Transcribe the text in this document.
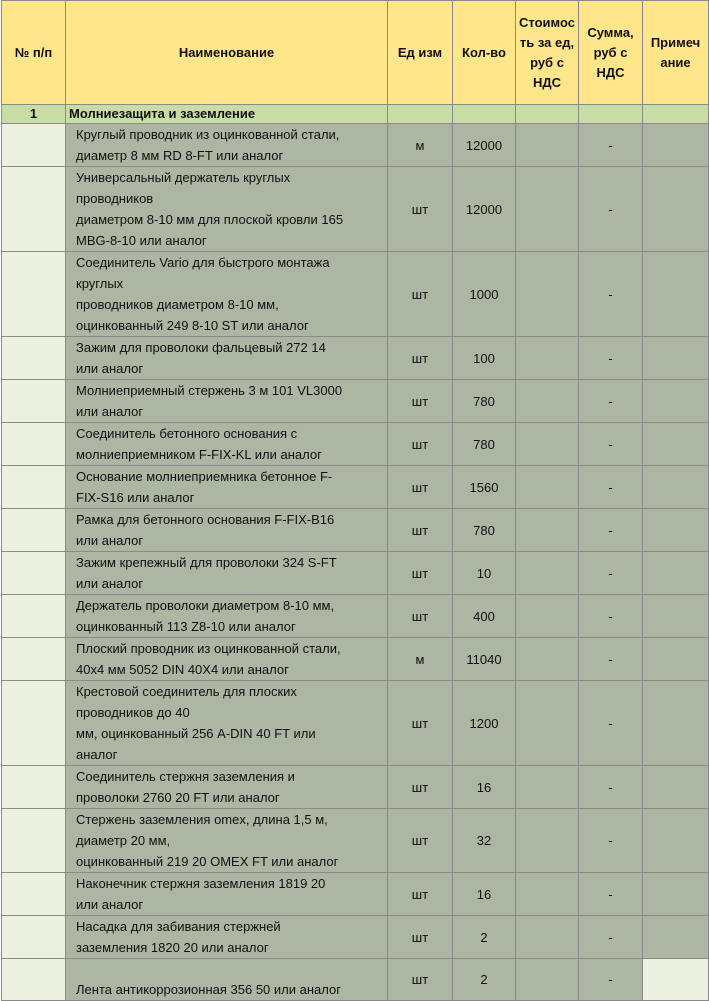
№ п/п	Наименование	Ед изм	Кол-во	Стоимос ть за ед, руб с НДС	Сумма, руб с НДС	Примеч ание
1	Молниезащита и заземление					
	Круглый проводник из оцинкованной стали,
диаметр 8 мм RD 8-FT или аналог	м	12000		-	
	Универсальный держатель круглых
проводников
диаметром 8-10 мм для плоской кровли 165
MBG-8-10 или аналог	шт	12000		-	
	Соединитель Vario для быстрого монтажа
круглых
проводников диаметром 8-10 мм,
оцинкованный 249 8-10 ST или аналог	шт	1000		-	
	Зажим для проволоки фальцевый 272 14
или аналог	шт	100		-	
	Молниеприемный стержень 3 м 101 VL3000
или аналог	шт	780		-	
	Соединитель бетонного основания с
молниеприемником F-FIX-KL или аналог	шт	780		-	
	Основание молниеприемника бетонное F-
FIX-S16 или аналог	шт	1560		-	
	Рамка для бетонного основания F-FIX-B16
или аналог	шт	780		-	
	Зажим крепежный для проволоки 324 S-FT
или аналог	шт	10		-	
	Держатель проволоки диаметром 8-10 мм,
оцинкованный 113 Z8-10 или аналог	шт	400		-	
	Плоский проводник из оцинкованной стали,
40х4 мм 5052 DIN 40X4 или аналог	м	11040		-	
	Крестовой соединитель для плоских
проводников до 40
мм, оцинкованный 256 A-DIN 40 FT или
аналог	шт	1200		-	
	Соединитель стержня заземления и
проволоки 2760 20 FT или аналог	шт	16		-	
	Стержень заземления omex, длина 1,5 м,
диаметр 20 мм,
оцинкованный 219 20 OMEX FT или аналог	шт	32		-	
	Наконечник стержня заземления 1819 20
или аналог	шт	16		-	
	Насадка для забивания стержней
заземления 1820 20 или аналог	шт	2		-	
	Лента антикоррозионная 356 50 или аналог	шт	2		-	
